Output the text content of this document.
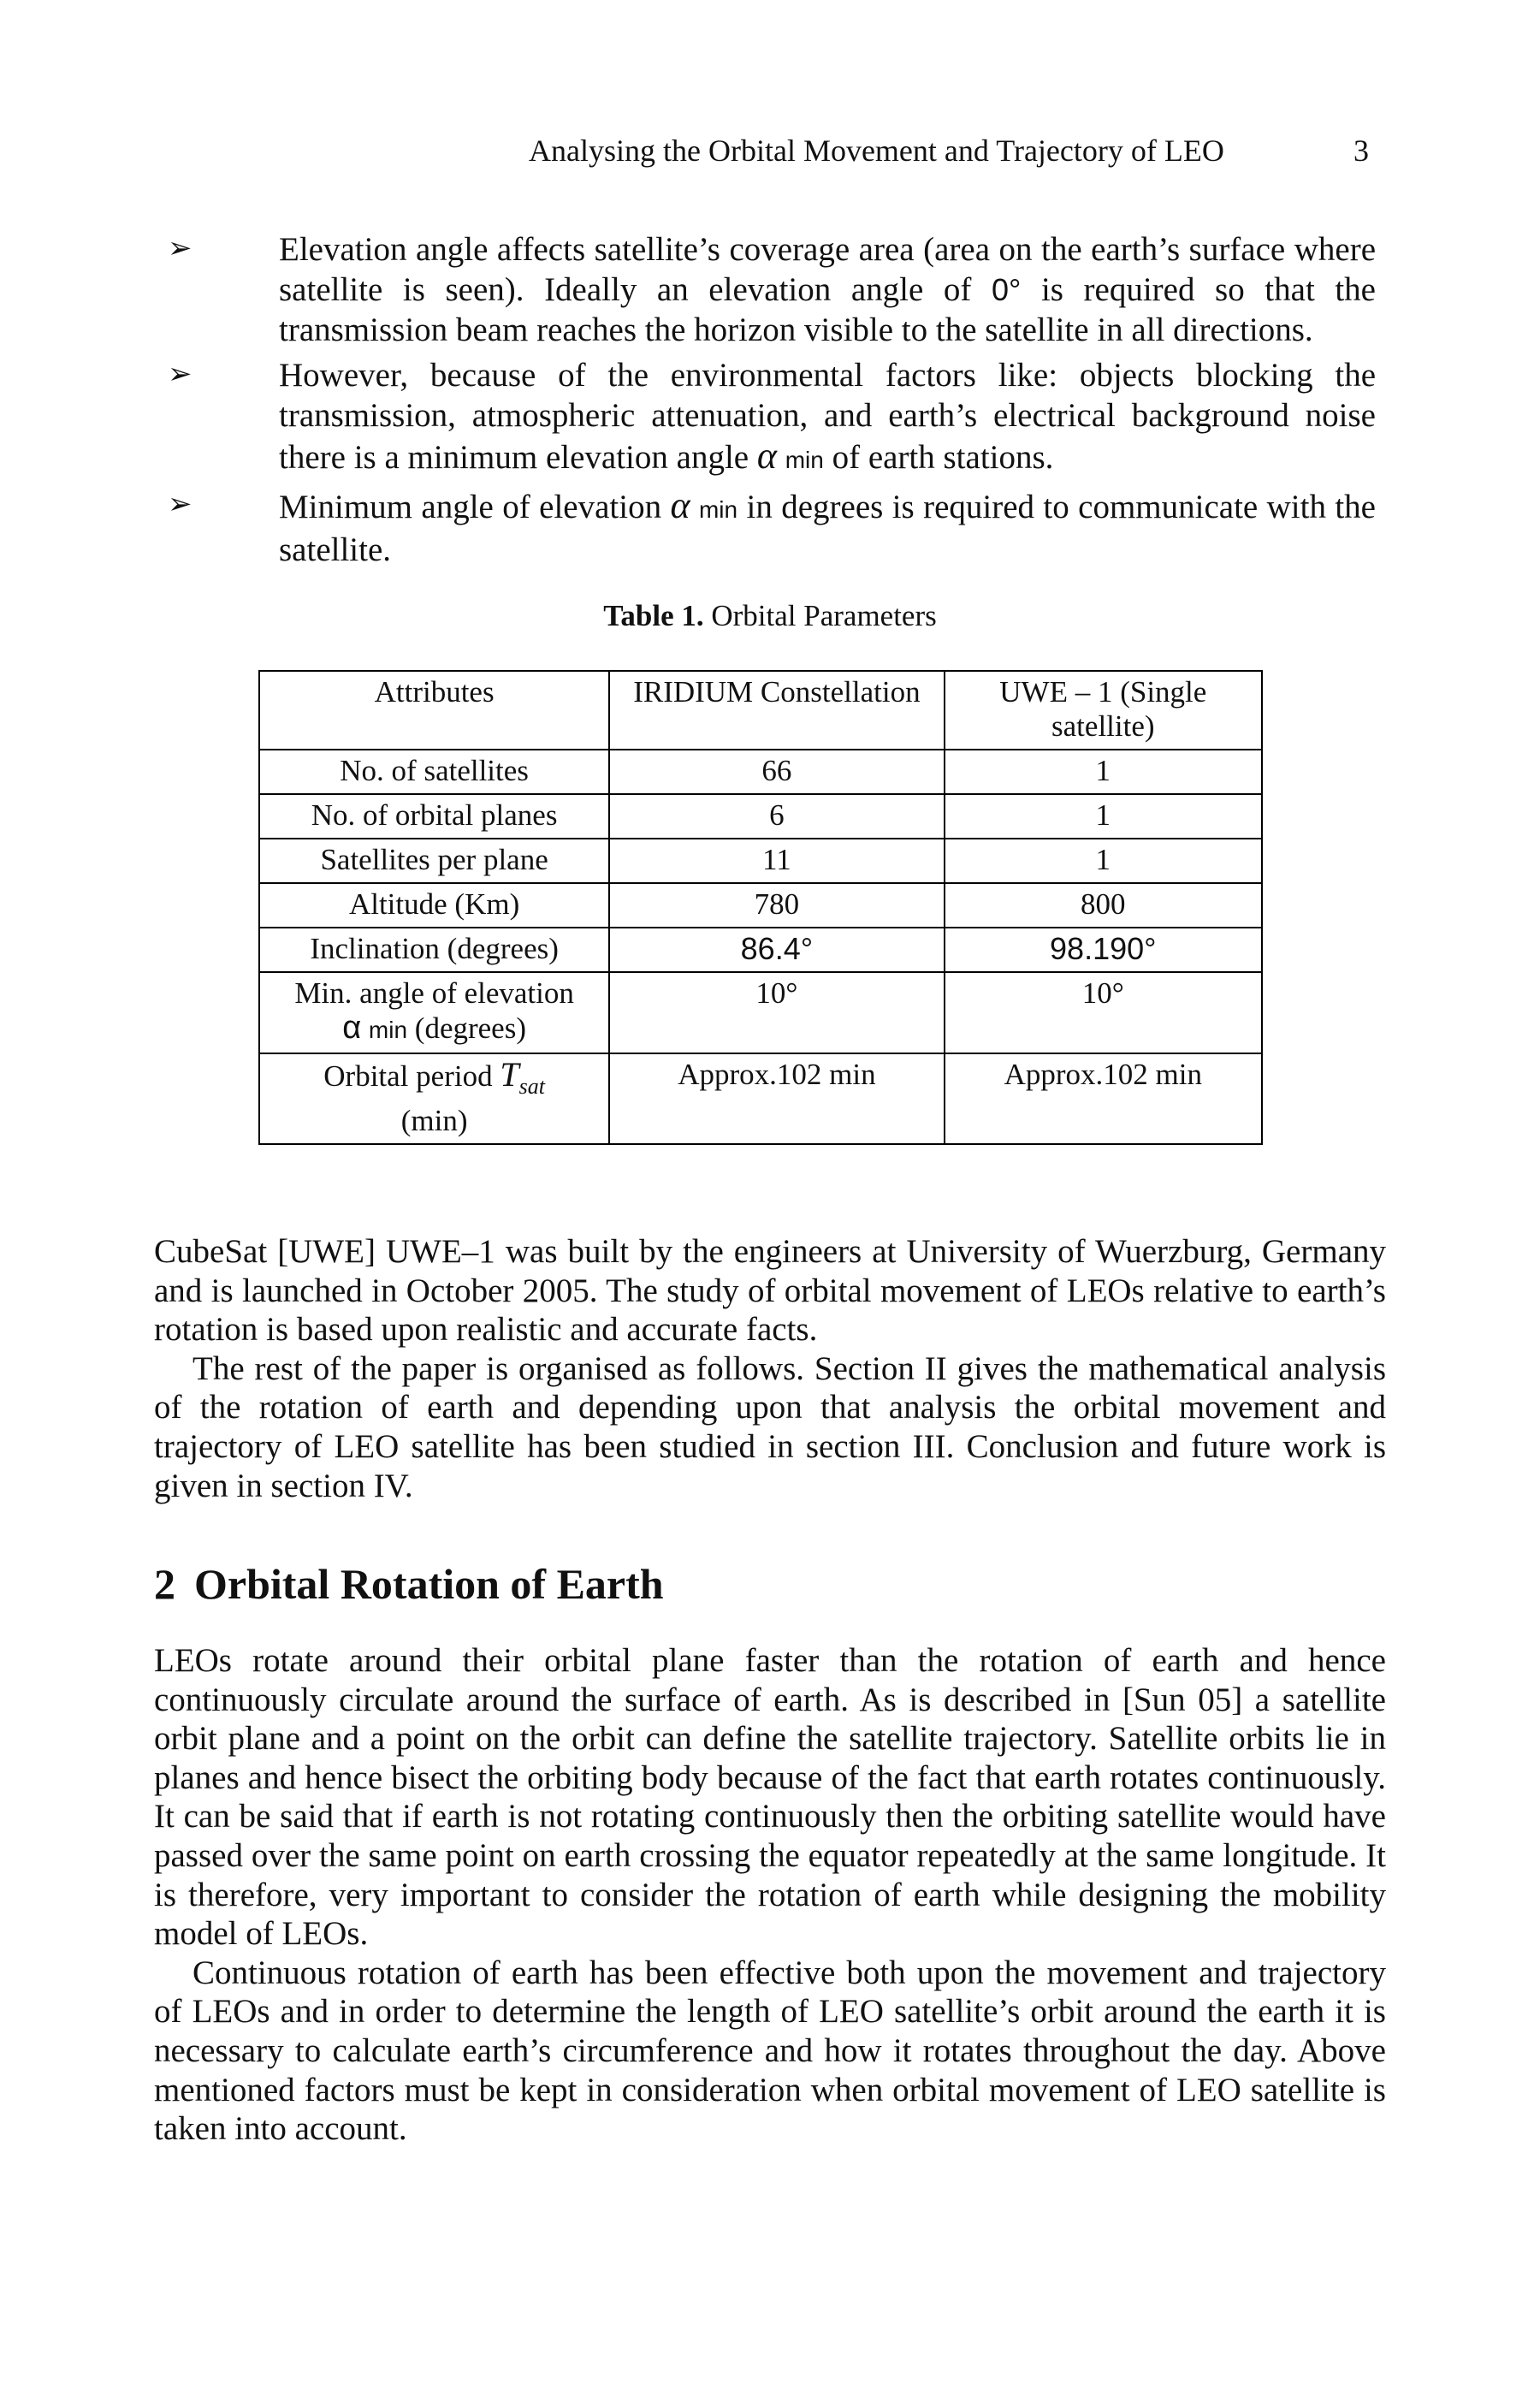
Analysing the Orbital Movement and Trajectory of LEO	3
➢	Elevation angle affects satellite’s coverage area (area on the earth’s surface where satellite is seen). Ideally an elevation angle of 0° is required so that the transmission beam reaches the horizon visible to the satellite in all directions.
➢	However, because of the environmental factors like: objects blocking the transmission, atmospheric attenuation, and earth’s electrical background noise there is a minimum elevation angle α min of earth stations.
➢	Minimum angle of elevation α min in degrees is required to communicate with the satellite.
Table 1. Orbital Parameters
Attributes	IRIDIUM Constellation	UWE – 1 (Single satellite)
No. of satellites	66	1
No. of orbital planes	6	1
Satellites per plane	11	1
Altitude (Km)	780	800
Inclination (degrees)	86.4°	98.190°
Min. angle of elevation
α min (degrees)	10°	10°
Orbital period $T_{sat}$
(min)	Approx.102 min	Approx.102 min

CubeSat [UWE] UWE–1 was built by the engineers at University of Wuerzburg, Germany and is launched in October 2005. The study of orbital movement of LEOs relative to earth’s rotation is based upon realistic and accurate facts.

The rest of the paper is organised as follows. Section II gives the mathematical analysis of the rotation of earth and depending upon that analysis the orbital movement and trajectory of LEO satellite has been studied in section III. Conclusion and future work is given in section IV.

2 Orbital Rotation of Earth

LEOs rotate around their orbital plane faster than the rotation of earth and hence continuously circulate around the surface of earth. As is described in [Sun 05] a satellite orbit plane and a point on the orbit can define the satellite trajectory. Satellite orbits lie in planes and hence bisect the orbiting body because of the fact that earth rotates continuously. It can be said that if earth is not rotating continuously then the orbiting satellite would have passed over the same point on earth crossing the equator repeatedly at the same longitude. It is therefore, very important to consider the rotation of earth while designing the mobility model of LEOs.

Continuous rotation of earth has been effective both upon the movement and trajectory of LEOs and in order to determine the length of LEO satellite’s orbit around the earth it is necessary to calculate earth’s circumference and how it rotates throughout the day. Above mentioned factors must be kept in consideration when orbital movement of LEO satellite is taken into account.
